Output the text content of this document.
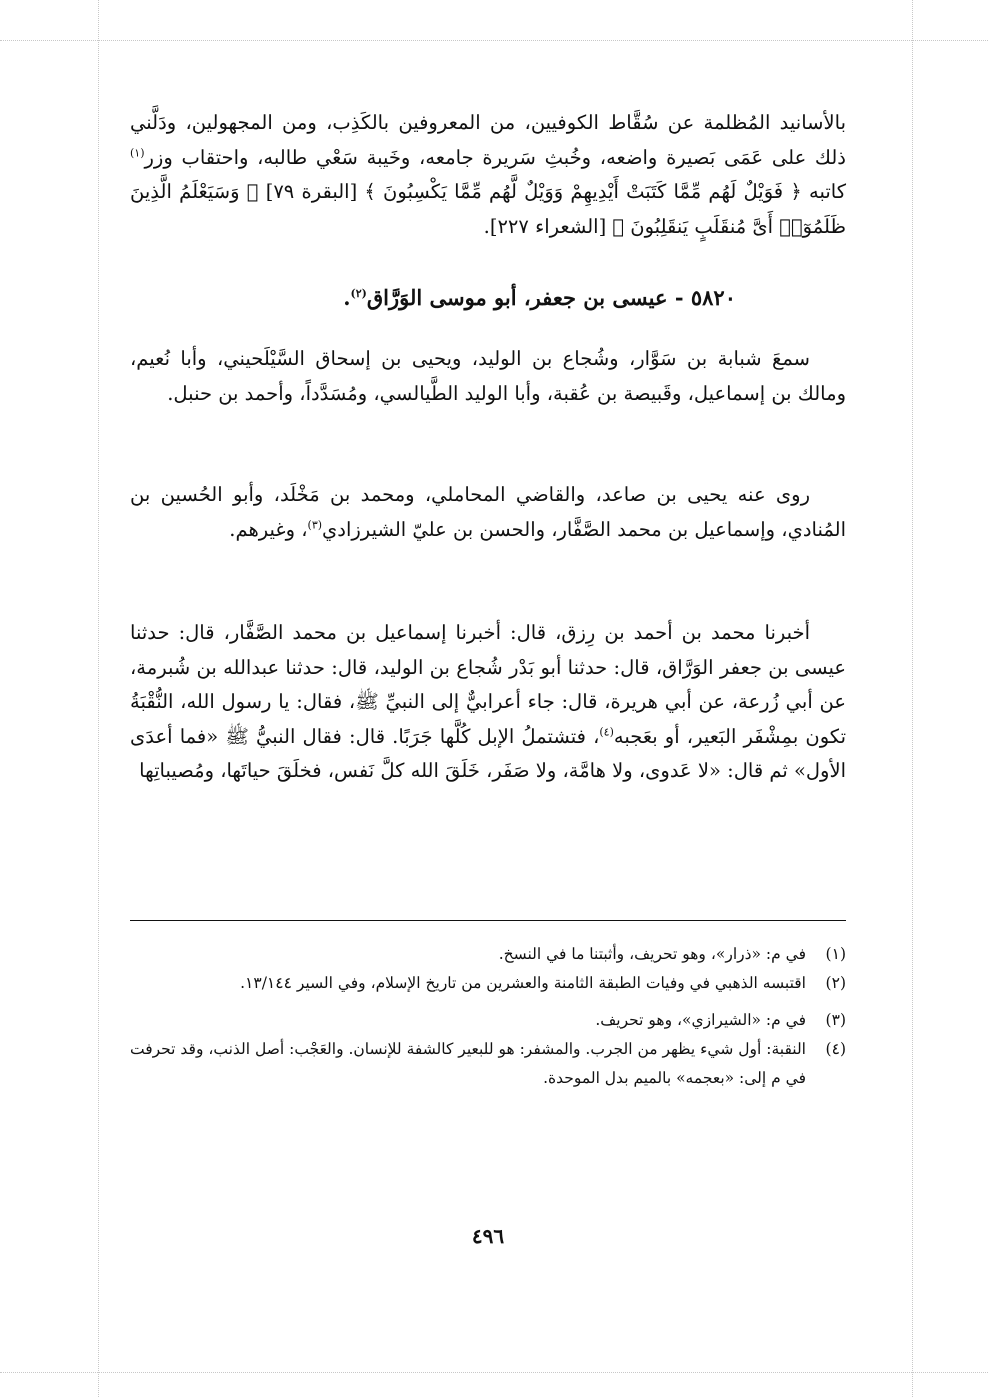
بالأسانيد المُظلمة عن سُقَّاط الكوفيين، من المعروفين بالكَذِب، ومن المجهولين، ودَلَّني ذلك على عَمَى بَصيرة واضعه، وخُبثِ سَريرة جامعه، وخَيبة سَعْي طالبه، واحتقاب وزر$^{(١)}$ كاتبه ﴿ فَوَيْلٌ لَهُم مِّمَّا كَتَبَتْ أَيْدِيهِمْ وَوَيْلٌ لَّهُم مِّمَّا يَكْسِبُونَ ﴾ [البقرة ٧٩] ﴿ وَسَيَعْلَمُ الَّذِينَ ظَلَمُوٓا۟ أَىَّ مُنقَلَبٍ يَنقَلِبُونَ ﴾ [الشعراء ٢٢٧].
٥٨٢٠ - عيسى بن جعفر، أبو موسى الوَرَّاق$^{(٢)}$.
سمعَ شبابة بن سَوَّار، وشُجاع بن الوليد، ويحيى بن إسحاق السَّيْلَحيني، وأبا نُعيم، ومالك بن إسماعيل، وقَبيصة بن عُقبة، وأبا الوليد الطَّيالسي، ومُسَدَّداً، وأحمد بن حنبل.
روى عنه يحيى بن صاعد، والقاضي المحاملي، ومحمد بن مَخْلَد، وأبو الحُسين بن المُنادي، وإسماعيل بن محمد الصَّفَّار، والحسن بن عليّ الشيرزادي$^{(٣)}$، وغيرهم.
أخبرنا محمد بن أحمد بن رِزق، قال: أخبرنا إسماعيل بن محمد الصَّفَّار، قال: حدثنا عيسى بن جعفر الوَرَّاق، قال: حدثنا أبو بَدْر شُجاع بن الوليد، قال: حدثنا عبدالله بن شُبرمة، عن أبي زُرعة، عن أبي هريرة، قال: جاء أعرابيٌّ إلى النبيِّ ﷺ، فقال: يا رسول الله، النُّقْبَةُ تكون بمِشْفَر البَعير، أو بعَجبه$^{(٤)}$، فتشتملُ الإبل كُلَّها جَرَبًا. قال: فقال النبيُّ ﷺ «فما أعدَى الأول» ثم قال: «لا عَدوى، ولا هامَّة، ولا صَفَر، خَلَقَ الله كلَّ نَفس، فخلَقَ حياتَها، ومُصيباتِها
(١)
في م: «ذرار»، وهو تحريف، وأثبتنا ما في النسخ.
(٢)
اقتبسه الذهبي في وفيات الطبقة الثامنة والعشرين من تاريخ الإسلام، وفي السير ١٣/١٤٤.
(٣)
في م: «الشيرازي»، وهو تحريف.
(٤)
النقبة: أول شيء يظهر من الجرب. والمشفر: هو للبعير كالشفة للإنسان. والعَجْب: أصل الذنب، وقد تحرفت في م إلى: «بعجمه» بالميم بدل الموحدة.
٤٩٦
